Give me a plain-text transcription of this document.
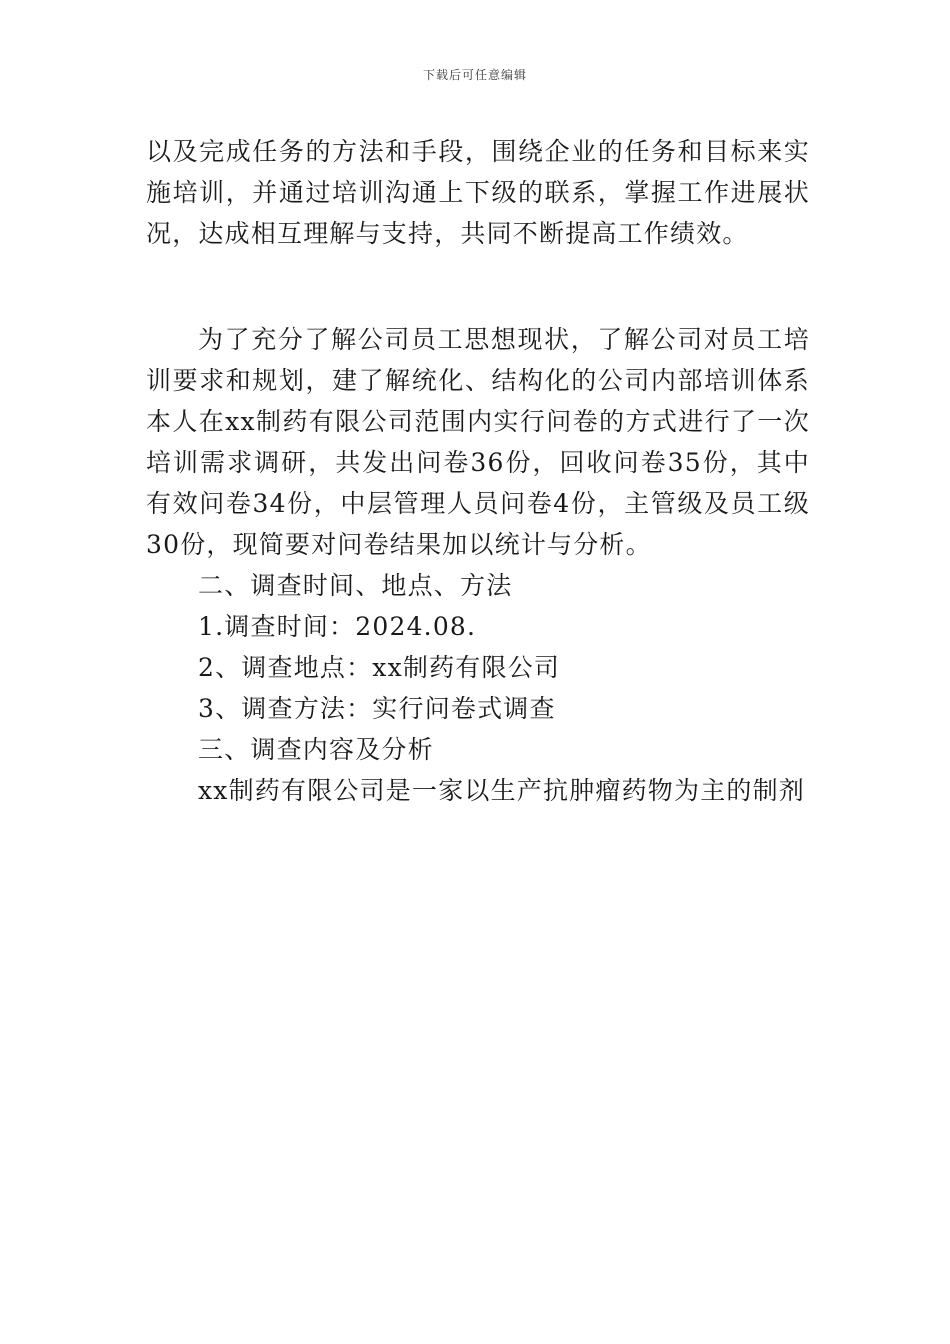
下载后可任意编辑

以及完成任务的方法和手段，围绕企业的任务和目标来实施培训，并通过培训沟通上下级的联系，掌握工作进展状况，达成相互理解与支持，共同不断提高工作绩效。

为了充分了解公司员工思想现状，了解公司对员工培训要求和规划，建了解统化、结构化的公司内部培训体系本人在xx制药有限公司范围内实行问卷的方式进行了一次培训需求调研，共发出问卷36份，回收问卷35份，其中有效问卷34份，中层管理人员问卷4份，主管级及员工级30份，现简要对问卷结果加以统计与分析。

二、调查时间、地点、方法

1.调查时间：2024.08.

2、调查地点：xx制药有限公司

3、调查方法：实行问卷式调查

三、调查内容及分析

xx制药有限公司是一家以生产抗肿瘤药物为主的制剂
